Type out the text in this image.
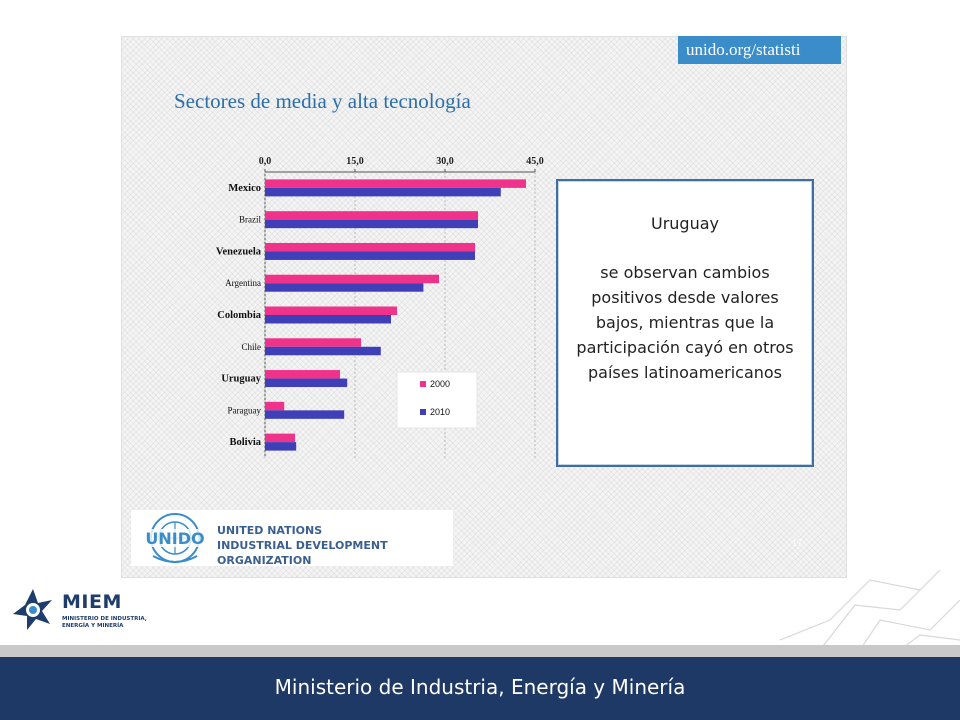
unido.org/statisti
Sectores de media y alta tecnología
0,0	15,0	30,0	45,0
Mexico
Brazil
Venezuela
Argentina
Colombia
Chile
Uruguay
Paraguay
Bolivia
2000
2010
Uruguay
se observan cambios positivos desde valores bajos, mientras que la participación cayó en otros países latinoamericanos
UNIDO UNITED NATIONS
INDUSTRIAL DEVELOPMENT ORGANIZATION
17
MIEM
MINISTERIO DE INDUSTRIA,
ENERGÍA Y MINERÍA
Ministerio de Industria, Energía y Minería
